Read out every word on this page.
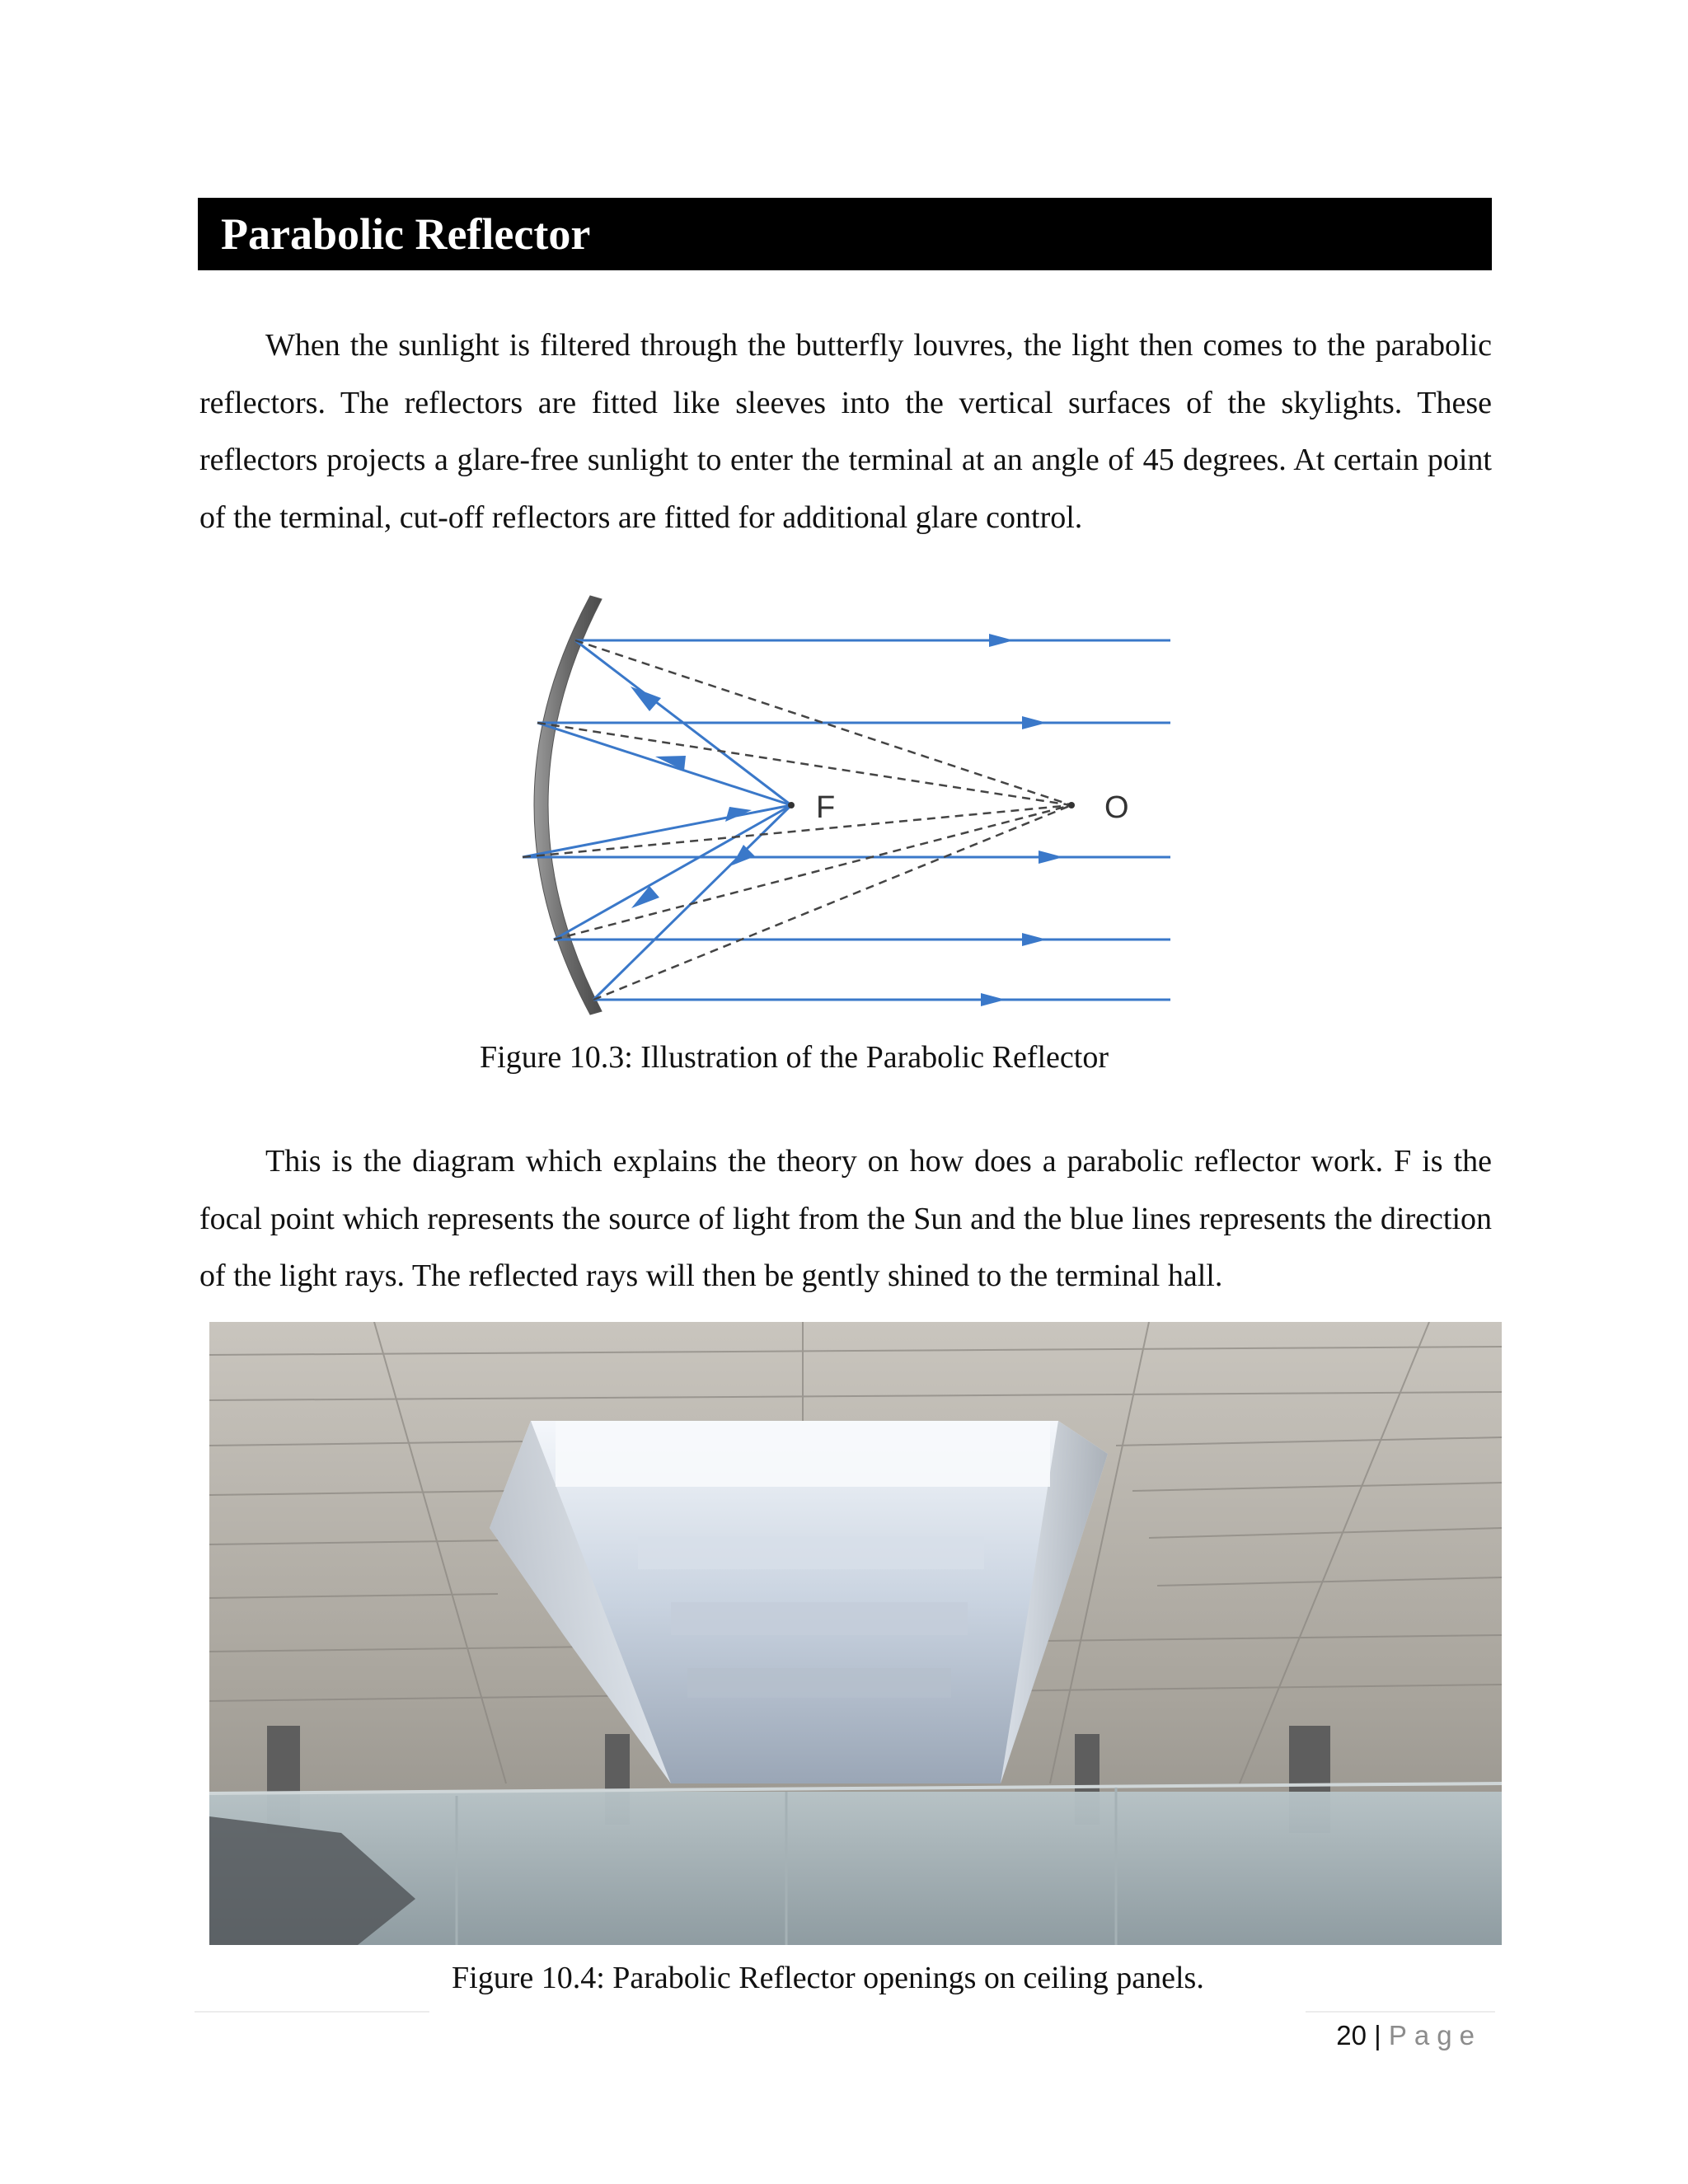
Parabolic Reflector

When the sunlight is filtered through the butterfly louvres, the light then comes to the parabolic reflectors. The reflectors are fitted like sleeves into the vertical surfaces of the skylights. These reflectors projects a glare-free sunlight to enter the terminal at an angle of 45 degrees. At certain point of the terminal, cut-off reflectors are fitted for additional glare control.

F	O
Figure 10.3: Illustration of the Parabolic Reflector

This is the diagram which explains the theory on how does a parabolic reflector work. F is the focal point which represents the source of light from the Sun and the blue lines represents the direction of the light rays. The reflected rays will then be gently shined to the terminal hall.

Figure 10.4: Parabolic Reflector openings on ceiling panels.
20 | Page
